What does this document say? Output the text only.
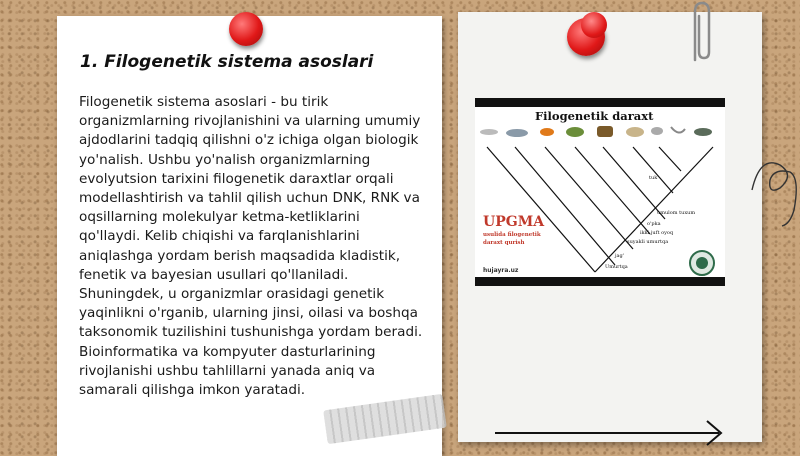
1. Filogenetik sistema asoslari

Filogenetik sistema asoslari - bu tirik organizmlarning rivojlanishini va ularning umumiy ajdodlarini tadqiq qilishni o'z ichiga olgan biologik yo'nalish. Ushbu yo'nalish organizmlarning evolyutsion tarixini filogenetik daraxtlar orqali modellashtirish va tahlil qilish uchun DNK, RNK va oqsillarning molekulyar ketma-ketliklarini qo'llaydi. Kelib chiqishi va farqlanishlarini aniqlashga yordam berish maqsadida kladistik, fenetik va bayesian usullari qo'llaniladi. Shuningdek, u organizmlar orasidagi genetik yaqinlikni o'rganib, ularning jinsi, oilasi va boshqa taksonomik tuzilishini tushunishga yordam beradi. Bioinformatika va kompyuter dasturlarining rivojlanishi ushbu tahlillarni yanada aniq va samarali qilishga imkon yaratadi.

Filogenetik daraxt
tuk
umulom tuxum
o'pka
ikki juft oyoq
suyakli umurtqa
jag'
Umurtqa
UPGMA
usulida filogenetik daraxt qurish
hujayra.uz
